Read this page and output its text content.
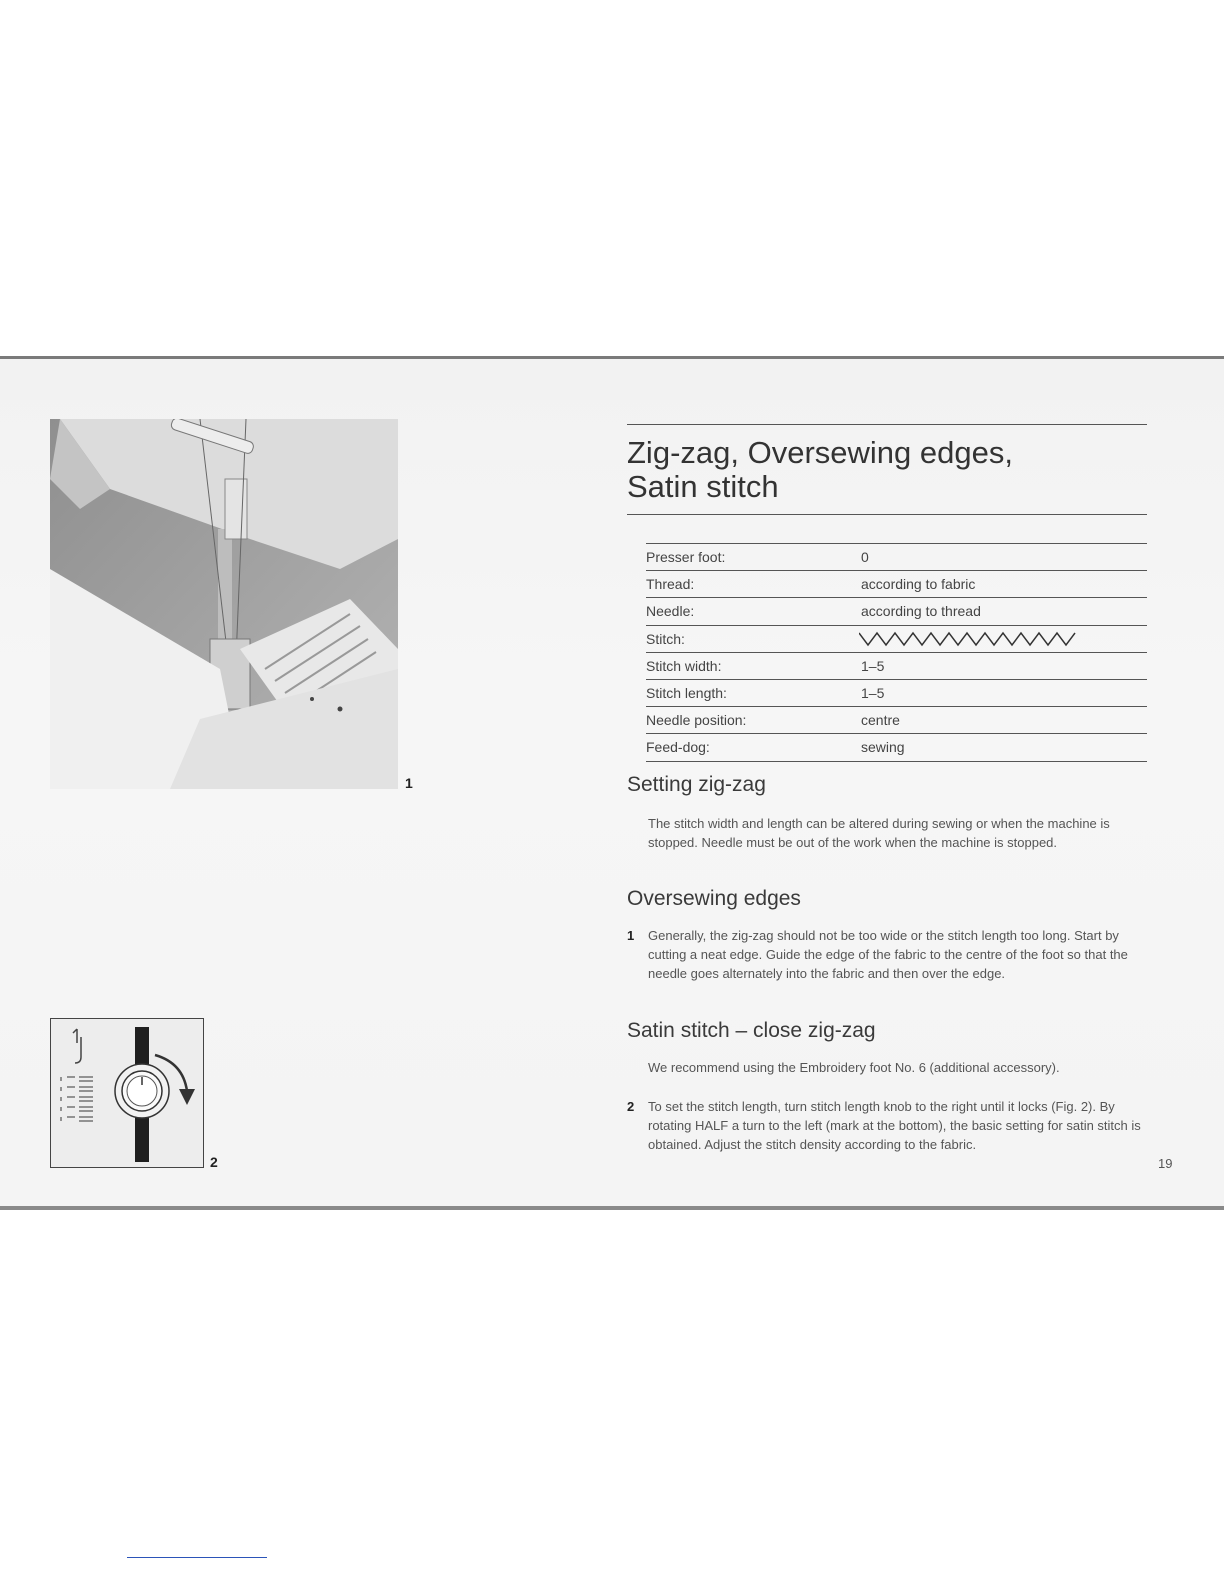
1
2
Zig-zag, Oversewing edges,
Satin stitch
Presser foot:	0
Thread:	according to fabric
Needle:	according to thread
Stitch:
Stitch width:	1–5
Stitch length:	1–5
Needle position:	centre
Feed-dog:	sewing
Setting zig-zag
The stitch width and length can be altered during sewing or when the machine is stopped. Needle must be out of the work when the machine is stopped.
Oversewing edges
1 Generally, the zig-zag should not be too wide or the stitch length too long. Start by cutting a neat edge. Guide the edge of the fabric to the centre of the foot so that the needle goes alternately into the fabric and then over the edge.
Satin stitch – close zig-zag
We recommend using the Embroidery foot No. 6 (additional accessory).
2 To set the stitch length, turn stitch length knob to the right until it locks (Fig. 2). By rotating HALF a turn to the left (mark at the bottom), the basic setting for satin stitch is obtained. Adjust the stitch density according to the fabric.
19
